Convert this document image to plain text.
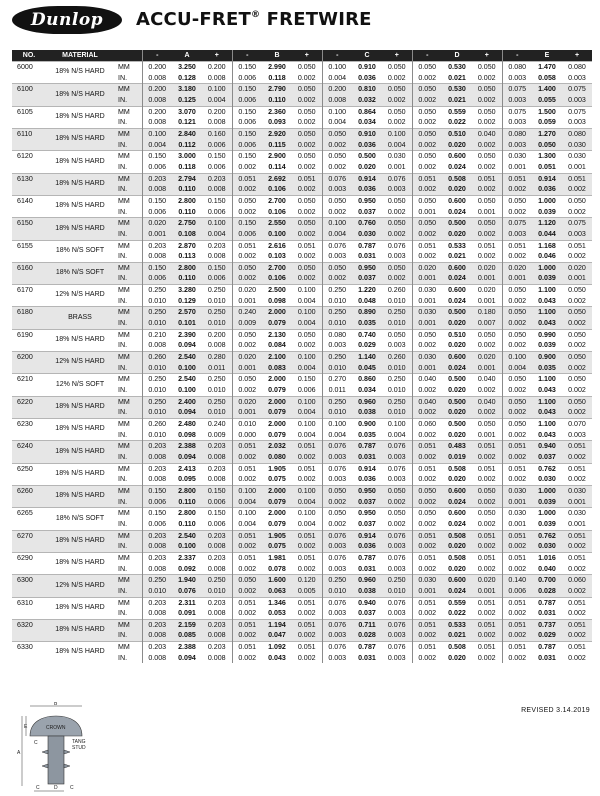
Dunlop ACCU-FRET® FRETWIRE
NO.	MATERIAL		-	A	+	-	B	+	-	C	+	-	D	+	-	E	+
6000	18% N/S HARD	MM	0.200	3.250	0.200	0.150	2.990	0.050	0.100	0.910	0.050	0.050	0.530	0.050	0.080	1.470	0.080
		IN.	0.008	0.128	0.008	0.006	0.118	0.002	0.004	0.036	0.002	0.002	0.021	0.002	0.003	0.058	0.003
6100	18% N/S HARD	MM	0.200	3.180	0.100	0.150	2.790	0.050	0.200	0.810	0.050	0.050	0.530	0.050	0.075	1.400	0.075
		IN.	0.008	0.125	0.004	0.006	0.110	0.002	0.008	0.032	0.002	0.002	0.021	0.002	0.003	0.055	0.003
6105	18% N/S HARD	MM	0.200	3.070	0.200	0.150	2.360	0.050	0.100	0.864	0.050	0.050	0.559	0.050	0.075	1.500	0.075
		IN.	0.008	0.121	0.008	0.006	0.093	0.002	0.004	0.034	0.002	0.002	0.022	0.002	0.003	0.059	0.003
6110	18% N/S HARD	MM	0.100	2.840	0.160	0.150	2.920	0.050	0.050	0.910	0.100	0.050	0.510	0.040	0.080	1.270	0.080
		IN.	0.004	0.112	0.006	0.006	0.115	0.002	0.002	0.036	0.004	0.002	0.020	0.002	0.003	0.050	0.030
6120	18% N/S HARD	MM	0.150	3.000	0.150	0.150	2.900	0.050	0.050	0.500	0.030	0.050	0.600	0.050	0.030	1.300	0.030
		IN.	0.006	0.118	0.006	0.002	0.114	0.002	0.002	0.020	0.001	0.002	0.024	0.002	0.001	0.051	0.001
6130	18% N/S HARD	MM	0.203	2.794	0.203	0.051	2.692	0.051	0.076	0.914	0.076	0.051	0.508	0.051	0.051	0.914	0.051
		IN.	0.008	0.110	0.008	0.002	0.106	0.002	0.003	0.036	0.003	0.002	0.020	0.002	0.002	0.036	0.002
6140	18% N/S HARD	MM	0.150	2.800	0.150	0.050	2.700	0.050	0.050	0.950	0.050	0.050	0.600	0.050	0.050	1.000	0.050
		IN.	0.006	0.110	0.006	0.002	0.106	0.002	0.002	0.037	0.002	0.001	0.024	0.001	0.002	0.039	0.002
6150	18% N/S HARD	MM	0.020	2.750	0.100	0.150	2.550	0.050	0.100	0.760	0.050	0.050	0.500	0.050	0.075	1.120	0.075
		IN.	0.001	0.108	0.004	0.006	0.100	0.002	0.004	0.030	0.002	0.002	0.020	0.002	0.003	0.044	0.003
6155	18% N/S SOFT	MM	0.203	2.870	0.203	0.051	2.616	0.051	0.076	0.787	0.076	0.051	0.533	0.051	0.051	1.168	0.051
		IN.	0.008	0.113	0.008	0.002	0.103	0.002	0.003	0.031	0.003	0.002	0.021	0.002	0.002	0.046	0.002
6160	18% N/S SOFT	MM	0.150	2.800	0.150	0.050	2.700	0.050	0.050	0.950	0.050	0.020	0.600	0.020	0.020	1.000	0.020
		IN.	0.006	0.110	0.006	0.002	0.106	0.002	0.002	0.037	0.002	0.001	0.024	0.001	0.001	0.039	0.001
6170	12% N/S HARD	MM	0.250	3.280	0.250	0.020	2.500	0.100	0.250	1.220	0.260	0.030	0.600	0.020	0.050	1.100	0.050
		IN.	0.010	0.129	0.010	0.001	0.098	0.004	0.010	0.048	0.010	0.001	0.024	0.001	0.002	0.043	0.002
6180	BRASS	MM	0.250	2.570	0.250	0.240	2.000	0.100	0.250	0.890	0.250	0.030	0.500	0.180	0.050	1.100	0.050
		IN.	0.010	0.101	0.010	0.009	0.079	0.004	0.010	0.035	0.010	0.001	0.020	0.007	0.002	0.043	0.002
6190	18% N/S HARD	MM	0.210	2.390	0.200	0.050	2.130	0.050	0.080	0.740	0.050	0.050	0.510	0.050	0.050	0.990	0.050
		IN.	0.008	0.094	0.008	0.002	0.084	0.002	0.003	0.029	0.003	0.002	0.020	0.002	0.002	0.039	0.002
6200	12% N/S HARD	MM	0.260	2.540	0.280	0.020	2.100	0.100	0.250	1.140	0.260	0.030	0.600	0.020	0.100	0.900	0.050
		IN.	0.010	0.100	0.011	0.001	0.083	0.004	0.010	0.045	0.010	0.001	0.024	0.001	0.004	0.035	0.002
6210	12% N/S SOFT	MM	0.250	2.540	0.250	0.050	2.000	0.150	0.270	0.860	0.250	0.040	0.500	0.040	0.050	1.100	0.050
		IN.	0.010	0.100	0.010	0.002	0.079	0.006	0.011	0.034	0.010	0.002	0.020	0.002	0.002	0.043	0.002
6220	18% N/S HARD	MM	0.250	2.400	0.250	0.020	2.000	0.100	0.250	0.960	0.250	0.040	0.500	0.040	0.050	1.100	0.050
		IN.	0.010	0.094	0.010	0.001	0.079	0.004	0.010	0.038	0.010	0.002	0.020	0.002	0.002	0.043	0.002
6230	18% N/S HARD	MM	0.260	2.480	0.240	0.010	2.000	0.100	0.100	0.900	0.100	0.060	0.500	0.050	0.050	1.100	0.070
		IN.	0.010	0.098	0.009	0.000	0.079	0.004	0.004	0.035	0.004	0.002	0.020	0.001	0.002	0.043	0.003
6240	18% N/S HARD	MM	0.203	2.388	0.203	0.051	2.032	0.051	0.076	0.787	0.076	0.051	0.483	0.051	0.051	0.940	0.051
		IN.	0.008	0.094	0.008	0.002	0.080	0.002	0.003	0.031	0.003	0.002	0.019	0.002	0.002	0.037	0.002
6250	18% N/S HARD	MM	0.203	2.413	0.203	0.051	1.905	0.051	0.076	0.914	0.076	0.051	0.508	0.051	0.051	0.762	0.051
		IN.	0.008	0.095	0.008	0.002	0.075	0.002	0.003	0.036	0.003	0.002	0.020	0.002	0.002	0.030	0.002
6260	18% N/S HARD	MM	0.150	2.800	0.150	0.100	2.000	0.100	0.050	0.950	0.050	0.050	0.600	0.050	0.030	1.000	0.030
		IN.	0.006	0.110	0.006	0.004	0.079	0.004	0.002	0.037	0.002	0.002	0.024	0.002	0.001	0.039	0.001
6265	18% N/S SOFT	MM	0.150	2.800	0.150	0.100	2.000	0.100	0.050	0.950	0.050	0.050	0.600	0.050	0.030	1.000	0.030
		IN.	0.006	0.110	0.006	0.004	0.079	0.004	0.002	0.037	0.002	0.002	0.024	0.002	0.001	0.039	0.001
6270	18% N/S HARD	MM	0.203	2.540	0.203	0.051	1.905	0.051	0.076	0.914	0.076	0.051	0.508	0.051	0.051	0.762	0.051
		IN.	0.008	0.100	0.008	0.002	0.075	0.002	0.003	0.036	0.003	0.002	0.020	0.002	0.002	0.030	0.002
6290	18% N/S HARD	MM	0.203	2.337	0.203	0.051	1.981	0.051	0.076	0.787	0.076	0.051	0.508	0.051	0.051	1.016	0.051
		IN.	0.008	0.092	0.008	0.002	0.078	0.002	0.003	0.031	0.003	0.002	0.020	0.002	0.002	0.040	0.002
6300	12% N/S HARD	MM	0.250	1.940	0.250	0.050	1.600	0.120	0.250	0.960	0.250	0.030	0.600	0.020	0.140	0.700	0.060
		IN.	0.010	0.076	0.010	0.002	0.063	0.005	0.010	0.038	0.010	0.001	0.024	0.001	0.006	0.028	0.002
6310	18% N/S HARD	MM	0.203	2.311	0.203	0.051	1.346	0.051	0.076	0.940	0.076	0.051	0.559	0.051	0.051	0.787	0.051
		IN.	0.008	0.091	0.008	0.002	0.053	0.002	0.003	0.037	0.003	0.002	0.022	0.002	0.002	0.031	0.002
6320	18% N/S HARD	MM	0.203	2.159	0.203	0.051	1.194	0.051	0.076	0.711	0.076	0.051	0.533	0.051	0.051	0.737	0.051
		IN.	0.008	0.085	0.008	0.002	0.047	0.002	0.003	0.028	0.003	0.002	0.021	0.002	0.002	0.029	0.002
6330	18% N/S HARD	MM	0.203	2.388	0.203	0.051	1.092	0.051	0.076	0.787	0.076	0.051	0.508	0.051	0.051	0.787	0.051
		IN.	0.008	0.094	0.008	0.002	0.043	0.002	0.003	0.031	0.003	0.002	0.020	0.002	0.002	0.031	0.002
B
CROWN
E
A
C	TANG
STUD
C	D C
REVISED 3.14.2019
